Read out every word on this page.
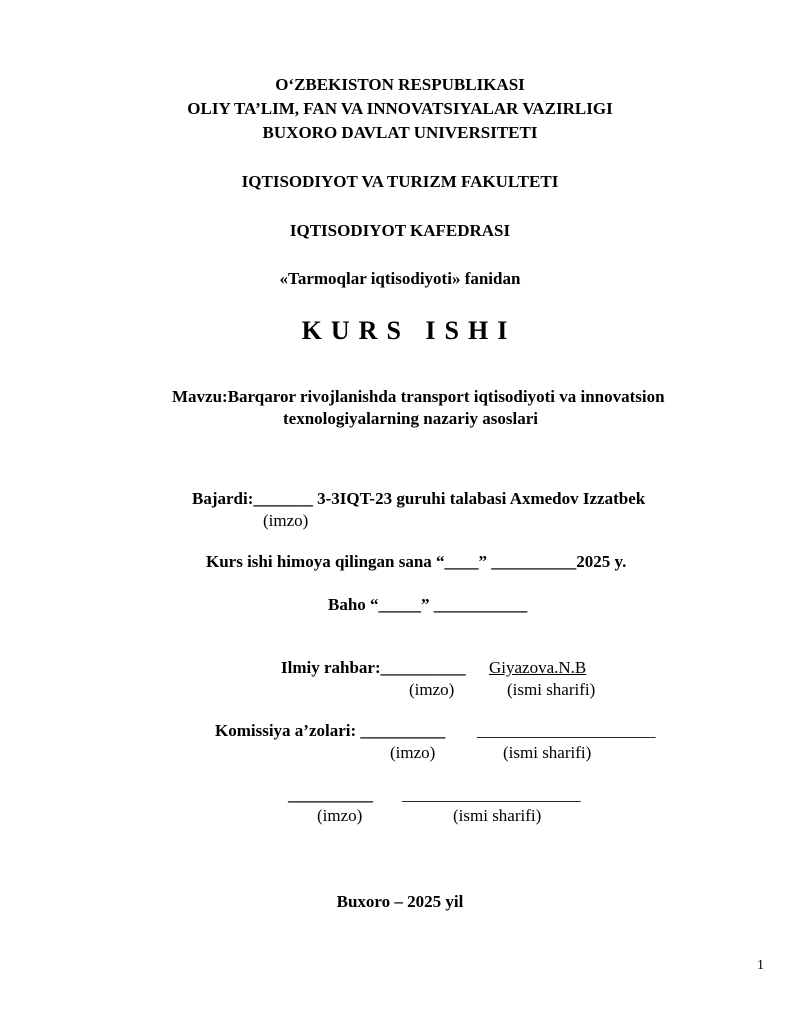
O‘ZBEKISTON RESPUBLIKASI
OLIY TA’LIM, FAN VA INNOVATSIYALAR VAZIRLIGI
BUXORO DAVLAT UNIVERSITETI
IQTISODIYOT VA TURIZM FAKULTETI
IQTISODIYOT KAFEDRASI
«Tarmoqlar iqtisodiyoti» fanidan
KURS ISHI
Mavzu:Barqaror rivojlanishda transport iqtisodiyoti va innovatsion
texnologiyalarning nazariy asoslari
Bajardi:_______ 3-3IQT-23 guruhi talabasi Axmedov Izzatbek
(imzo)
Kurs ishi himoya qilingan sana “____” __________2025 y.
Baho “_____” ___________
Ilmiy rahbar:__________ Giyazova.N.B
(imzo)	(ismi sharifi)
Komissiya a’zolari: __________ _____________________
(imzo)	(ismi sharifi)
__________ _____________________
(imzo)	(ismi sharifi)
Buxoro – 2025 yil
1
